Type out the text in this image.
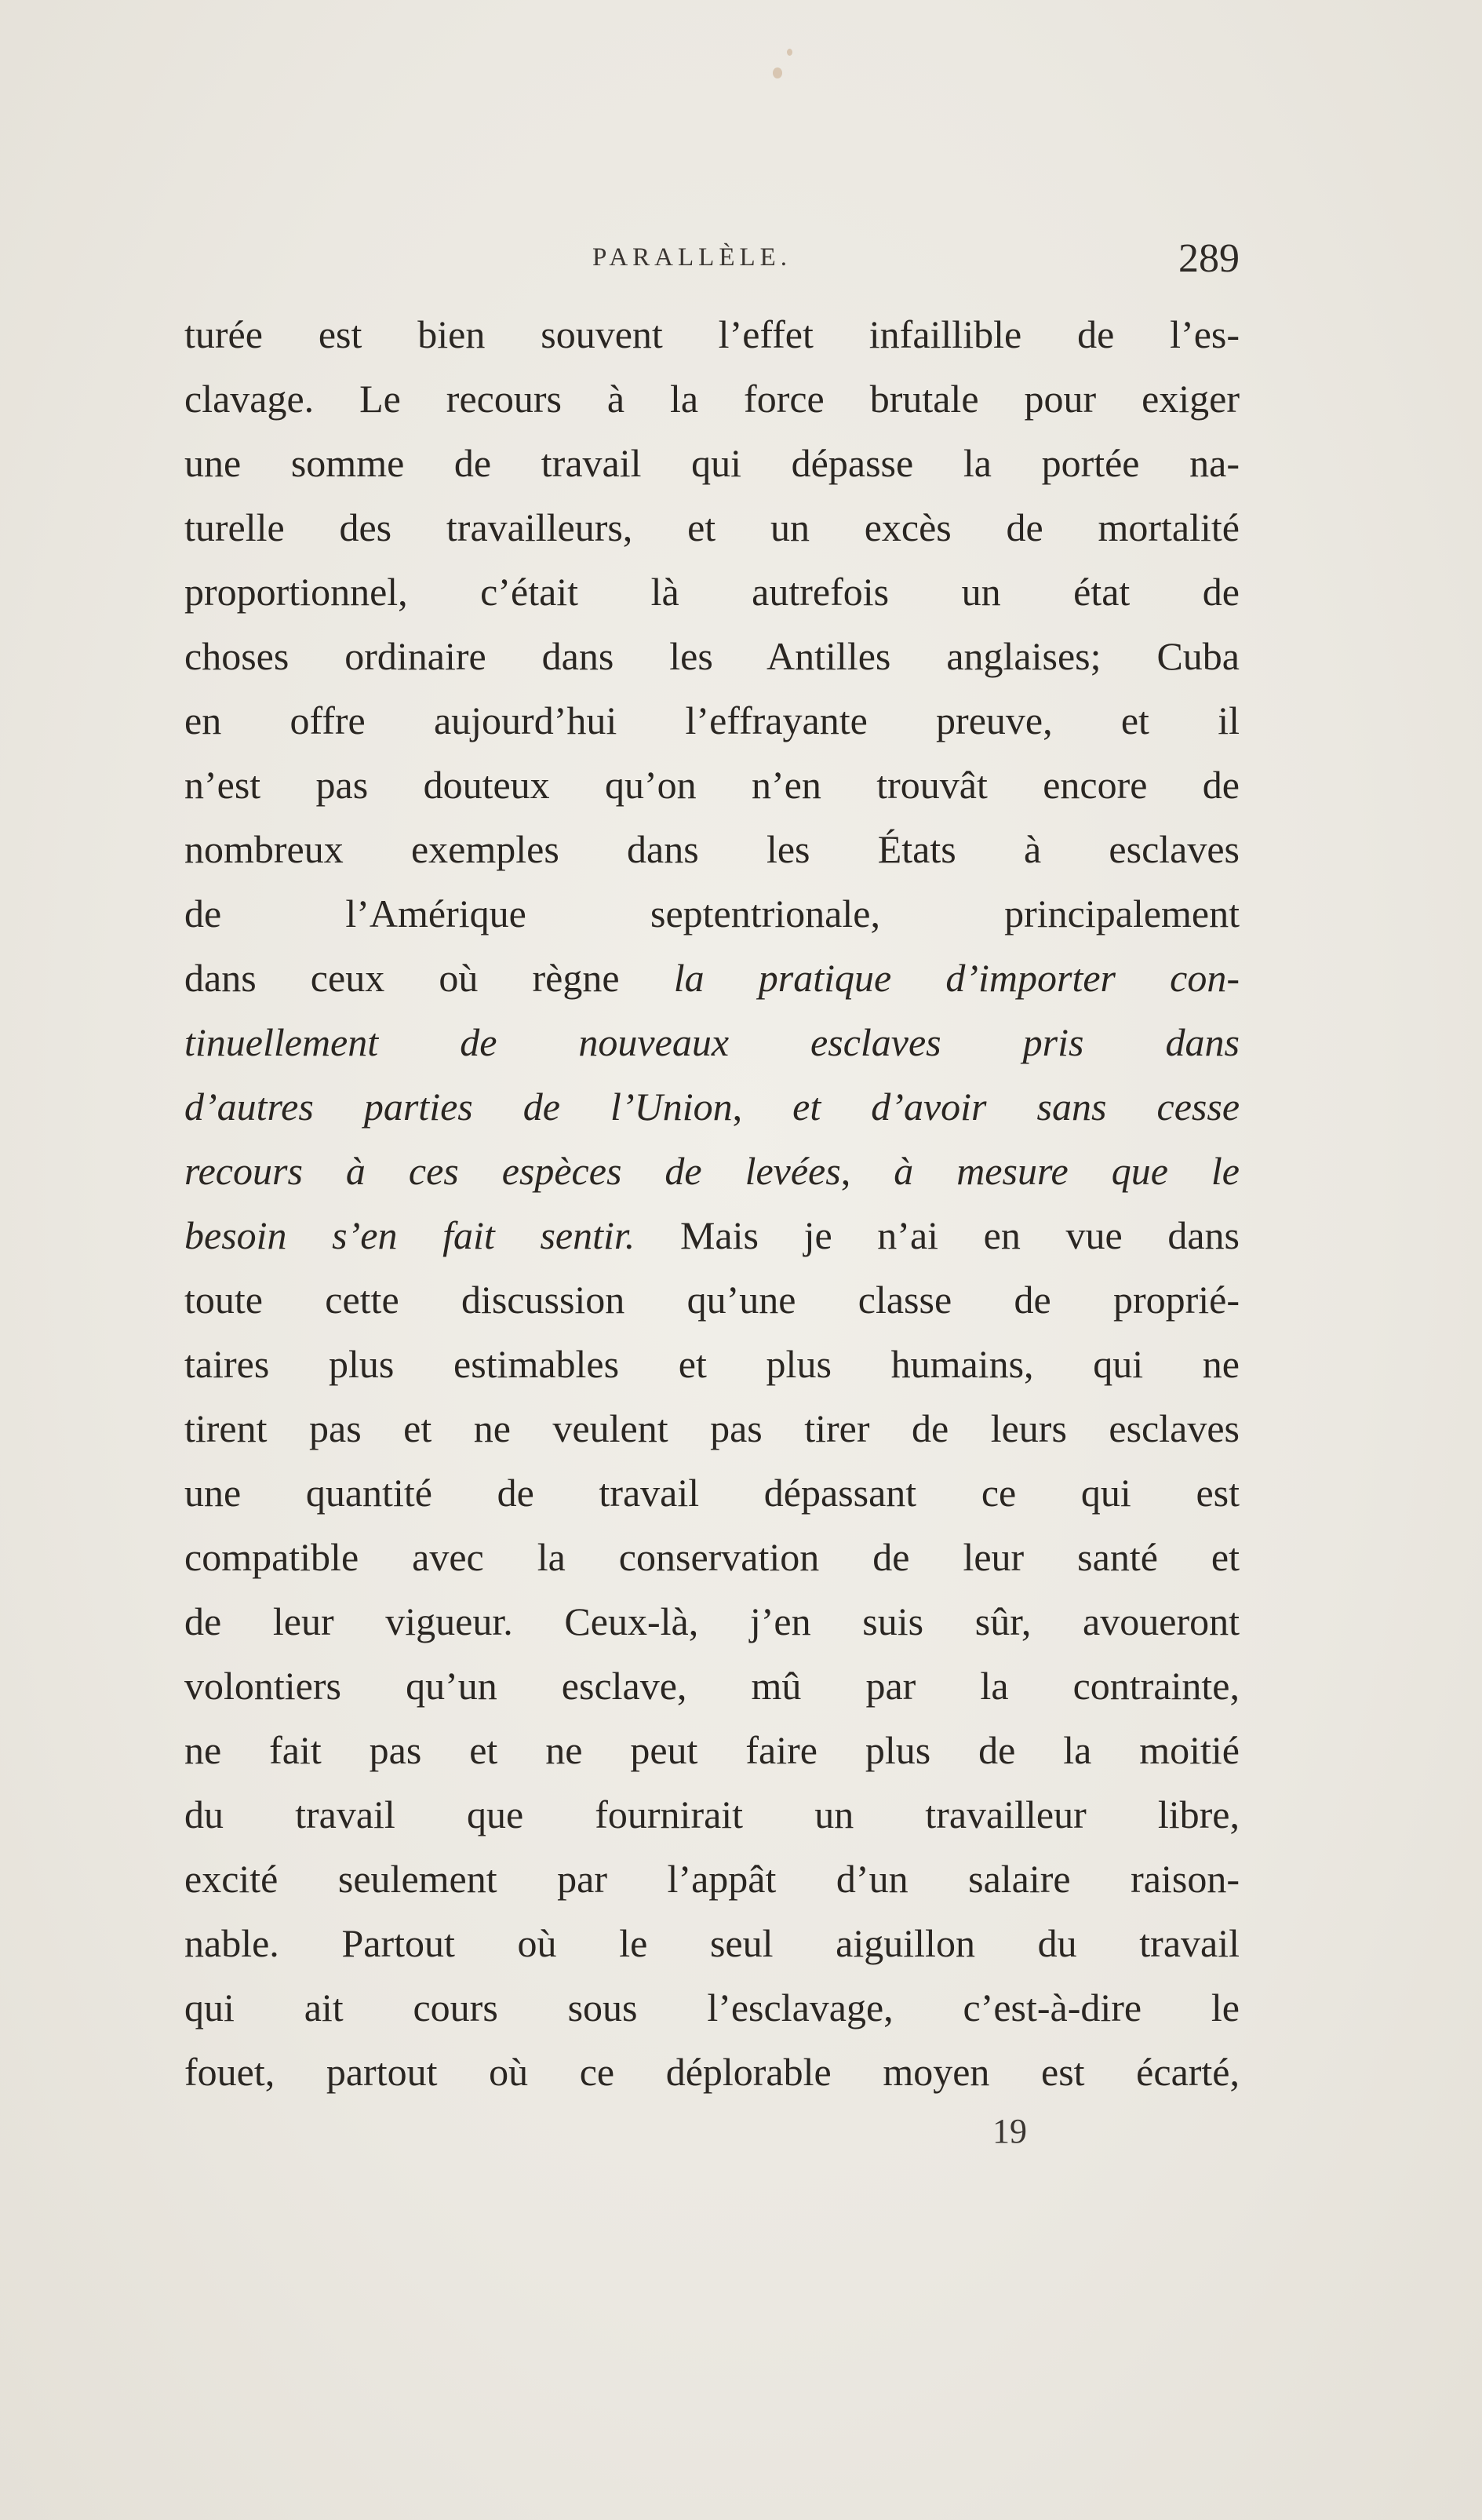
PARALLÈLE.	289
turée est bien souvent l’effet infaillible de l’es-
clavage. Le recours à la force brutale pour exiger
une somme de travail qui dépasse la portée na-
turelle des travailleurs, et un excès de mortalité
proportionnel, c’était là autrefois un état de
choses ordinaire dans les Antilles anglaises; Cuba
en offre aujourd’hui l’effrayante preuve, et il
n’est pas douteux qu’on n’en trouvât encore de
nombreux exemples dans les États à esclaves
de l’Amérique septentrionale, principalement
dans ceux où règne la pratique d’importer con-
tinuellement de nouveaux esclaves pris dans
d’autres parties de l’Union, et d’avoir sans cesse
recours à ces espèces de levées, à mesure que le
besoin s’en fait sentir. Mais je n’ai en vue dans
toute cette discussion qu’une classe de proprié-
taires plus estimables et plus humains, qui ne
tirent pas et ne veulent pas tirer de leurs esclaves
une quantité de travail dépassant ce qui est
compatible avec la conservation de leur santé et
de leur vigueur. Ceux-là, j’en suis sûr, avoueront
volontiers qu’un esclave, mû par la contrainte,
ne fait pas et ne peut faire plus de la moitié
du travail que fournirait un travailleur libre,
excité seulement par l’appât d’un salaire raison-
nable. Partout où le seul aiguillon du travail
qui ait cours sous l’esclavage, c’est-à-dire le
fouet, partout où ce déplorable moyen est écarté,
19
